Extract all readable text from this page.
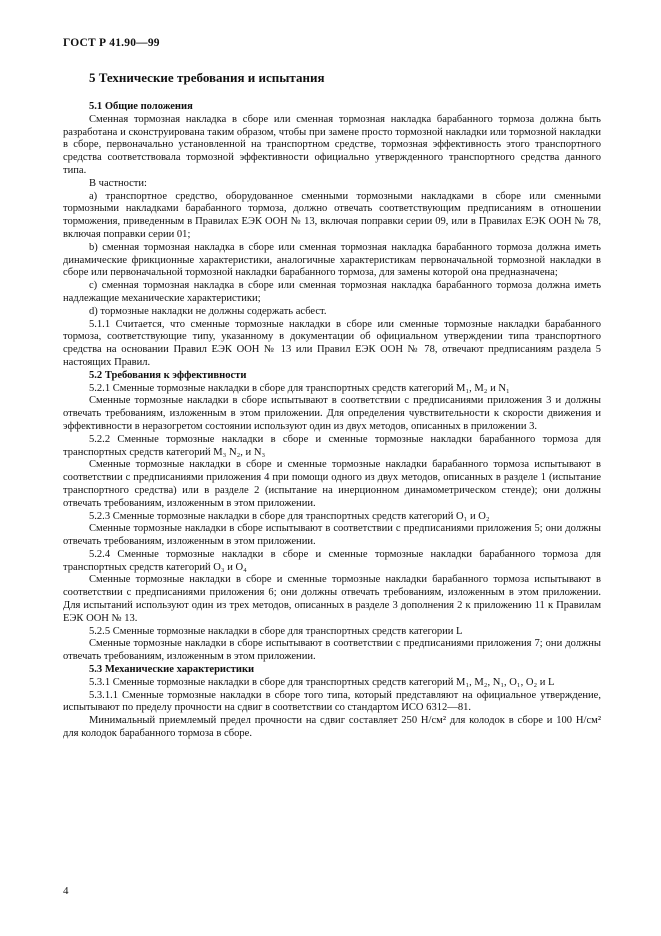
ГОСТ Р 41.90—99
5 Технические требования и испытания

5.1 Общие положения

Сменная тормозная накладка в сборе или сменная тормозная накладка барабанного тормоза должна быть разработана и сконструирована таким образом, чтобы при замене просто тормозной накладки или тормозной накладки в сборе, первоначально установленной на транспортном средстве, тормозная эффективность этого транспортного средства соответствовала тормозной эффективности официально утвержденного транспортного средства данного типа.

В частности:

a) транспортное средство, оборудованное сменными тормозными накладками в сборе или сменными тормозными накладками барабанного тормоза, должно отвечать соответствующим предписаниям в отношении торможения, приведенным в Правилах ЕЭК ООН № 13, включая поправки серии 09, или в Правилах ЕЭК ООН № 78, включая поправки серии 01;

b) сменная тормозная накладка в сборе или сменная тормозная накладка барабанного тормоза должна иметь динамические фрикционные характеристики, аналогичные характеристикам первоначальной тормозной накладки в сборе или первоначальной тормозной накладки барабанного тормоза, для замены которой она предназначена;

c) сменная тормозная накладка в сборе или сменная тормозная накладка барабанного тормоза должна иметь надлежащие механические характеристики;

d) тормозные накладки не должны содержать асбест.

5.1.1 Считается, что сменные тормозные накладки в сборе или сменные тормозные накладки барабанного тормоза, соответствующие типу, указанному в документации об официальном утверждении типа транспортного средства на основании Правил ЕЭК ООН № 13 или Правил ЕЭК ООН № 78, отвечают предписаниям раздела 5 настоящих Правил.

5.2 Требования к эффективности

5.2.1 Сменные тормозные накладки в сборе для транспортных средств категорий M₁, M₂ и N₁

Сменные тормозные накладки в сборе испытывают в соответствии с предписаниями приложения 3 и должны отвечать требованиям, изложенным в этом приложении. Для определения чувствительности к скорости движения и эффективности в неразогретом состоянии используют один из двух методов, описанных в приложении 3.

5.2.2 Сменные тормозные накладки в сборе и сменные тормозные накладки барабанного тормоза для транспортных средств категорий M₃ N₂, и N₃

Сменные тормозные накладки в сборе и сменные тормозные накладки барабанного тормоза испытывают в соответствии с предписаниями приложения 4 при помощи одного из двух методов, описанных в разделе 1 (испытание транспортного средства) или в разделе 2 (испытание на инерционном динамометрическом стенде); они должны отвечать требованиям, изложенным в этом приложении.

5.2.3 Сменные тормозные накладки в сборе для транспортных средств категорий O₁ и O₂

Сменные тормозные накладки в сборе испытывают в соответствии с предписаниями приложения 5; они должны отвечать требованиям, изложенным в этом приложении.

5.2.4 Сменные тормозные накладки в сборе и сменные тормозные накладки барабанного тормоза для транспортных средств категорий O₃ и O₄

Сменные тормозные накладки в сборе и сменные тормозные накладки барабанного тормоза испытывают в соответствии с предписаниями приложения 6; они должны отвечать требованиям, изложенным в этом приложении. Для испытаний используют один из трех методов, описанных в разделе 3 дополнения 2 к приложению 11 к Правилам ЕЭК ООН № 13.

5.2.5 Сменные тормозные накладки в сборе для транспортных средств категории L

Сменные тормозные накладки в сборе испытывают в соответствии с предписаниями приложения 7; они должны отвечать требованиям, изложенным в этом приложении.

5.3 Механические характеристики

5.3.1 Сменные тормозные накладки в сборе для транспортных средств категорий M₁, M₂, N₁, O₁, O₂ и L

5.3.1.1 Сменные тормозные накладки в сборе того типа, который представляют на официальное утверждение, испытывают по пределу прочности на сдвиг в соответствии со стандартом ИСО 6312—81.

Минимальный приемлемый предел прочности на сдвиг составляет 250 Н/см² для колодок в сборе и 100 Н/см² для колодок барабанного тормоза в сборе.

4
